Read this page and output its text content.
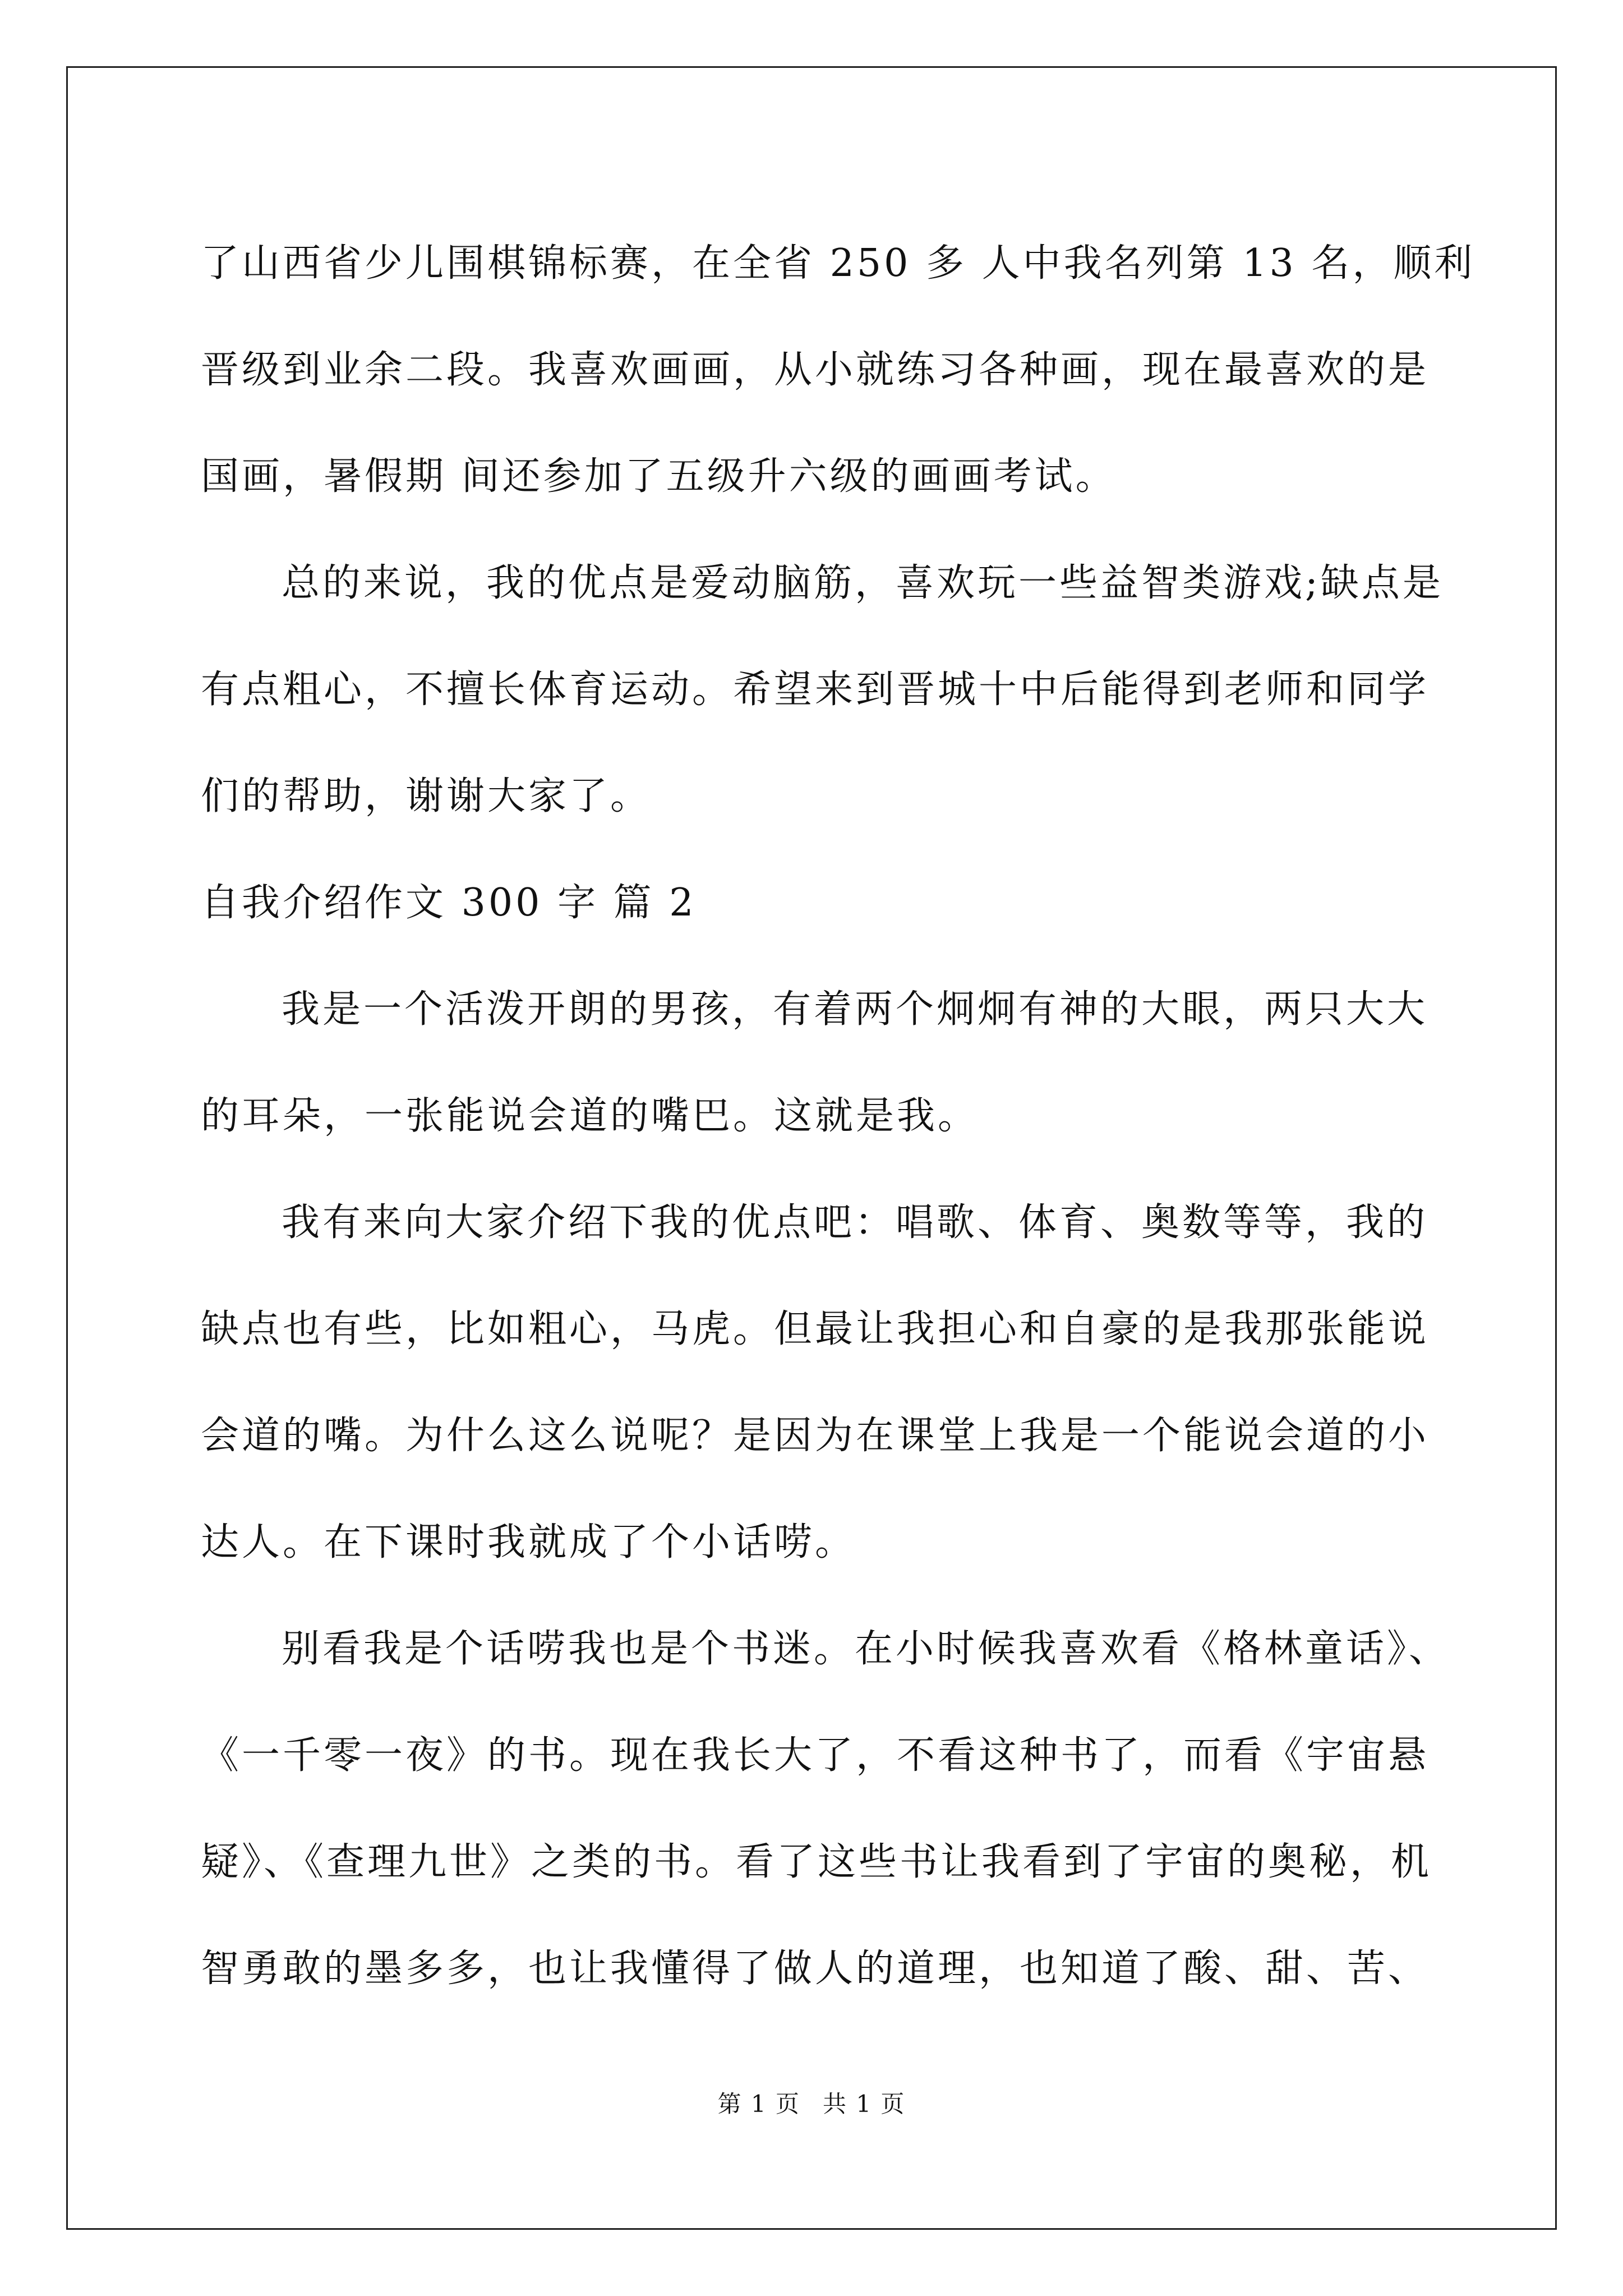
了山西省少儿围棋锦标赛，在全省 250 多 人中我名列第 13 名，顺利
晋级到业余二段。我喜欢画画，从小就练习各种画，现在最喜欢的是
国画，暑假期 间还参加了五级升六级的画画考试。
总的来说，我的优点是爱动脑筋，喜欢玩一些益智类游戏;缺点是
有点粗心，不擅长体育运动。希望来到晋城十中后能得到老师和同学
们的帮助，谢谢大家了。
自我介绍作文 300 字 篇 2
我是一个活泼开朗的男孩，有着两个炯炯有神的大眼，两只大大
的耳朵，一张能说会道的嘴巴。这就是我。
我有来向大家介绍下我的优点吧：唱歌、体育、奥数等等，我的
缺点也有些，比如粗心，马虎。但最让我担心和自豪的是我那张能说
会道的嘴。为什么这么说呢？是因为在课堂上我是一个能说会道的小
达人。在下课时我就成了个小话唠。
别看我是个话唠我也是个书迷。在小时候我喜欢看《格林童话》、
《一千零一夜》的书。现在我长大了，不看这种书了，而看《宇宙悬
疑》、《查理九世》之类的书。看了这些书让我看到了宇宙的奥秘，机
智勇敢的墨多多，也让我懂得了做人的道理，也知道了酸、甜、苦、
第 1 页 共 1 页
